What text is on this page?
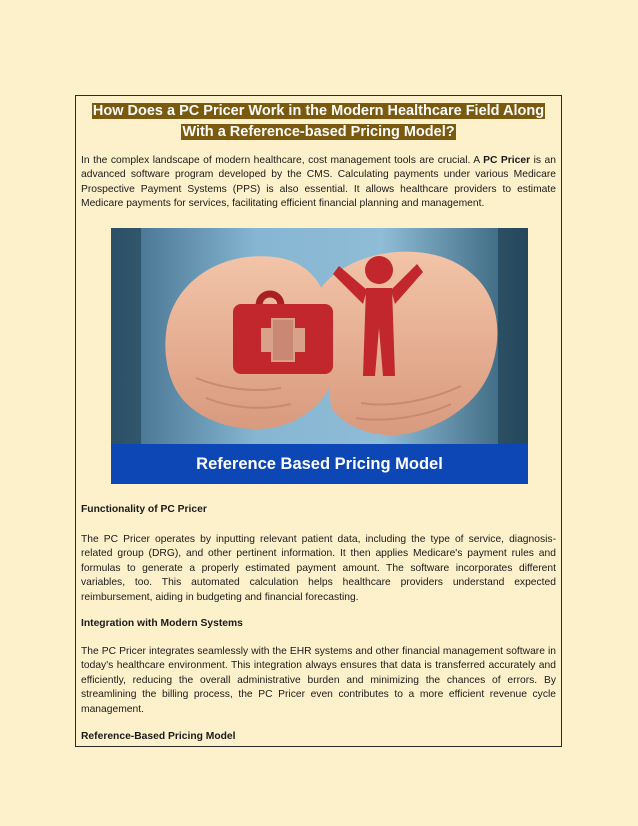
How Does a PC Pricer Work in the Modern Healthcare Field Along
With a Reference-based Pricing Model?
In the complex landscape of modern healthcare, cost management tools are crucial. A PC Pricer is an advanced software program developed by the CMS. Calculating payments under various Medicare Prospective Payment Systems (PPS) is also essential. It allows healthcare providers to estimate Medicare payments for services, facilitating efficient financial planning and management.
Reference Based Pricing Model
Functionality of PC Pricer
The PC Pricer operates by inputting relevant patient data, including the type of service, diagnosis-related group (DRG), and other pertinent information. It then applies Medicare's payment rules and formulas to generate a properly estimated payment amount. The software incorporates different variables, too. This automated calculation helps healthcare providers understand expected reimbursement, aiding in budgeting and financial forecasting.
Integration with Modern Systems
The PC Pricer integrates seamlessly with the EHR systems and other financial management software in today's healthcare environment. This integration always ensures that data is transferred accurately and efficiently, reducing the overall administrative burden and minimizing the chances of errors. By streamlining the billing process, the PC Pricer even contributes to a more efficient revenue cycle management.
Reference-Based Pricing Model
